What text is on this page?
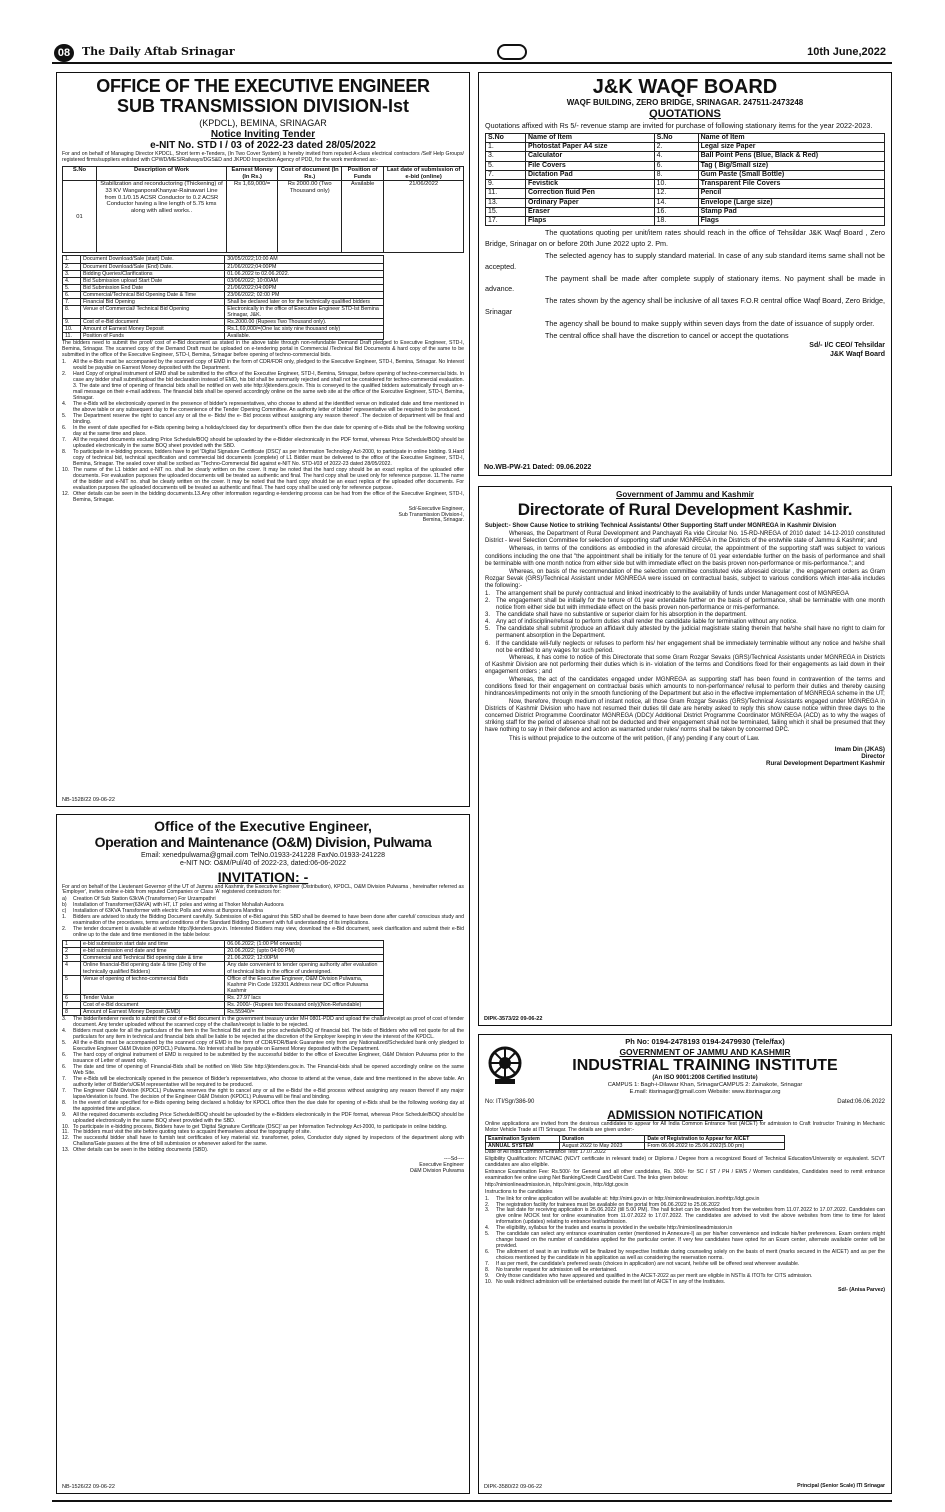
08	The Daily Aftab Srinagar	10th June,2022
OFFICE OF THE EXECUTIVE ENGINEER
SUB TRANSMISSION DIVISION-Ist
(KPDCL), BEMINA, SRINAGAR
Notice Inviting Tender
e-NIT No. STD I / 03 of 2022-23 dated 28/05/2022

For and on behalf of Managing Director KPDCL, Short term e-Tenders, (In Two Cover System) is hereby invited from reputed A-class electrical contractors /Self Help Groups/ registered firms/suppliers enlisted with CPWD/MES/Railways/DGS&D and JKPDD Inspection Agency of PDD, for the work mentioned as:-

S.No	Description of Work	Earnest Money (In Rs.)	Cost of document (In Rs.)	Position of Funds	Last date of submission of e-bid (online)
01	Stabilization and reconductoring (Thickening) of 33 KV WanganporaKhanyar-Rainawari Line from 0.1/0.15 ACSR Conductor to 0.2 ACSR Conductor having a line length of 5.75 kms along with allied works..	Rs 1,69,000/=	Rs 2000.00 (Two Thousand only)	Available	21/06/2022
1.	Document Download/Sale (start) Date.	30/05/2022;10:00 AM
2.	Document Download/Sale (End) Date.	21/06/2022;04:00PM
3.	Bidding Queries/Clarifications	01.06.2022 to 02.06.2022.
4.	Bid Submission upload Start Date	03/06/2022; 10:00AM
5.	Bid Submission End Date	21/06/2022;04:00PM
6.	Commercial/Technical Bid Opening Date & Time	23/06/2022; 02:00 PM
7.	Financial Bid Opening	Shall be declared later on for the technically qualified bidders
8.	Venue of Commercial/ Technical Bid Opening	Electronically in the office of Executive Engineer STD-Ist Bemina Srinagar, J&K.
9.	Cost of e-Bid document	Rs.2000.00 (Rupees Two Thousand only).
10.	Amount of Earnest Money Deposit	Rs.1,69,000/=(One lac sixty nine thousand only)
11.	Position of Funds	Available.

The bidders need to submit the proof/ cost of e-Bid document as stated in the above table through non-refundable Demand Draft pledged to Executive Engineer, STD-I, Bemina, Srinagar. The scanned copy of the Demand Draft must be uploaded on e-tendering portal in Commercial /Technical Bid Documents & hard copy of the same to be submitted in the office of the Executive Engineer, STD-I, Bemina, Srinagar before opening of techno-commercial bids.

1.	All the e-Bids must be accompanied by the scanned copy of EMD in the form of CDR/FDR only, pledged to the Executive Engineer, STD-I, Bemina, Srinagar. No Interest would be payable on Earnest Money deposited with the Department.
2.	Hard Copy of original instrument of EMD shall be submitted to the office of the Executive Engineer, STD-I, Bemina, Srinagar, before opening of techno-commercial bids. In case any bidder shall submit/upload the bid declaration instead of EMD, his bid shall be summarily rejected and shall not be considered for techno-commercial evaluation. 3. The date and time of opening of financial bids shall be notified on web site http://jktenders.gov.in. This is conveyed to the qualified bidders automatically through an e-mail message on their e-mail address. The financial bids shall be opened accordingly online on the same web site at the office of the Executive Engineer, STD-I, Bemina, Srinagar.
4.	The e-Bids will be electronically opened in the presence of bidder's representatives, who choose to attend at the identified venue on indicated date and time mentioned in the above table or any subsequent day to the convenience of the Tender Opening Committee. An authority letter of bidder' representative will be required to be produced.
5.	The Department reserve the right to cancel any or all the e- Bids/ the e- Bid process without assigning any reason thereof .The decision of department will be final and binding.
6.	In the event of date specified for e-Bids opening being a holiday/closed day for department's office then the due date for opening of e-Bids shall be the following working day at the same time and place.
7.	All the required documents excluding Price Schedule/BOQ should be uploaded by the e-Bidder electronically in the PDF format, whereas Price Schedule/BOQ should be uploaded electronically in the same BOQ sheet provided with the SBD.
8.	To participate in e-bidding process, bidders have to get 'Digital Signature Certificate (DSC)' as per Information Technology Act-2000, to participate in online bidding. 9.Hard copy of technical bid, technical specification and commercial bid documents (complete) of L1 Bidder must be delivered to the office of the Executive Engineer, STD-I, Bemina, Srinagar. The sealed cover shall be scribed as "Techno-Commercial Bid against e-NIT No. STD-I/03 of 2022-23 dated 28/05/2022.
10. The name of the L1 bidder and e-NIT no. shall be clearly written on the cover. It may be noted that the hard copy should be an exact replica of the uploaded offer documents. For evaluation purposes the uploaded documents will be treated as authentic and final. The hard copy shall be used only for reference purpose. 11.The name of the bidder and e-NIT no. shall be clearly written on the cover. It may be noted that the hard copy should be an exact replica of the uploaded offer documents. For evaluation purposes the uploaded documents will be treated as authentic and final. The hard copy shall be used only for reference purpose.
12. Other details can be seen in the bidding documents.13.Any other information regarding e-tendering process can be had from the office of the Executive Engineer, STD-I, Bemina, Srinagar.
Sd/-Executive Engineer,
Sub Transmission Division-I,
Bemina, Srinagar.
NB-1528/22 09-06-22
J&K WAQF BOARD
WAQF BUILDING, ZERO BRIDGE, SRINAGAR. 247511-2473248
QUOTATIONS

Quotations affixed with Rs 5/- revenue stamp are invited for purchase of following stationary items for the year 2022-2023.

S.No	Name of Item	S.No	Name of Item
1.	Photostat Paper A4 size	2.	Legal size Paper
3.	Calculator	4.	Ball Point Pens (Blue, Black & Red)
5.	File Covers	6.	Tag ( Big/Small size)
7.	Dictation Pad	8.	Gum Paste (Small Bottle)
9.	Fevistick	10.	Transparent File Covers
11.	Correction fluid Pen	12.	Pencil
13.	Ordinary Paper	14.	Envelope (Large size)
15.	Eraser	16.	Stamp Pad
17.	Flaps	18.	Flags

The quotations quoting per unit/item rates should reach in the office of Tehsildar J&K Waqf Board , Zero Bridge, Srinagar on or before 20th June 2022 upto 2. Pm.

The selected agency has to supply standard material. In case of any sub standard items same shall not be accepted.

The payment shall be made after complete supply of stationary items. No payment shall be made in advance.

The rates shown by the agency shall be inclusive of all taxes F.O.R central office Waqf Board, Zero Bridge, Srinagar

The agency shall be bound to make supply within seven days from the date of issuance of supply order.

The central office shall have the discretion to cancel or accept the quotations

Sd/- I/C CEO/ Tehsildar
J&K Waqf Board
No.WB-PW-21 Dated: 09.06.2022
Government of Jammu and Kashmir
Directorate of Rural Development Kashmir.

Subject:- Show Cause Notice to striking Technical Assistants/ Other Supporting Staff under MGNREGA in Kashmir Division

Whereas, the Department of Rural Development and Panchayati Ra vide Circular No. 15-RD-NREGA of 2010 dated: 14-12-2010 constituted District - level Selection Committee for selection of supporting staff under MGNREGA in the Districts of the erstwhile state of Jammu & Kashmir; and

Whereas, in terms of the conditions as embodied in the aforesaid circular, the appointment of the supporting staff was subject to various conditions including the one that "the appointment shall be initially for the tenure of 01 year extendable further on the basis of performance and shall be terminable with one month notice from either side but with immediate effect on the basis proven non-performance or mis-performance."; and

Whereas, on basis of the recommendation of the selection committee constituted vide aforesaid circular , the engagement orders as Gram Rozgar Sevak (GRS)/Technical Assistant under MGNREGA were issued on contractual basis, subject to various conditions which inter-alia includes the following:-

1. The arrangement shall be purely contractual and linked inextricably to the availability of funds under Management cost of MGNREGA
2. The engagement shall be initially for the tenure of 01 year extendable further on the basis of performance, shall be terminable with one month notice from either side but with immediate effect on the basis proven non-performance or mis-performance.
3. The candidate shall have no substantive or superior claim for his absorption in the department.
4. Any act of indiscipline/refusal to perform duties shall render the candidate liable for termination without any notice.
5. The candidate shall submit /produce an affidavit duly attested by the judicial magistrate stating therein that he/she shall have no right to claim for permanent absorption in the Department.
6. If the candidate will-fully neglects or refuses to perform his/ her engagement shall be immediately terminable without any notice and he/she shall not be entitled to any wages for such period.

Whereas, it has come to notice of this Directorate that some Gram Rozgar Sevaks (GRS)/Technical Assistants under MGNREGA in Districts of Kashmir Division are not performing their duties which is in- violation of the terms and Conditions fixed for their engagements as laid down in their engagement orders ; and

Whereas, the act of the candidates engaged under MGNREGA as supporting staff has been found in contravention of the terms and conditions fixed for their engagement on contractual basis which amounts to non-performance/ refusal to perform their duties and thereby causing hindrances/impediments not only in the smooth functioning of the Department but also in the effective implementation of MGNREGA scheme in the UT;

Now, therefore, through medium of instant notice, all those Gram Rozgar Sevaks (GRS)/Technical Assistants engaged under MGNREGA in Districts of Kashmir Division who have not resumed their duties till date are hereby asked to reply this show cause notice within three days to the concerned District Programme Coordinator MGNREGA (DDC)/ Additional District Programme Coordinator MGNREGA (ACD) as to why the wages of striking staff for the period of absence shall not be deducted and their engagement shall not be terminated, failing which it shall be presumed that they have nothing to say in their defence and action as warranted under rules/ norms shall be taken by concerned DPC.

This is without prejudice to the outcome of the writ petition, (if any) pending if any court of Law.

Imam Din (JKAS)
Director
Rural Development Department Kashmir
DIPK-3573/22 09-06-22
Office of the Executive Engineer,
Operation and Maintenance (O&M) Division, Pulwama
Email: xenedpulwama@gmail.com TelNo.01933-241228 FaxNo.01933-241228
e-NIT NO: O&M/Pul/40 of 2022-23, dated:06-06-2022
INVITATION: -

For and on behalf of the Lieutenant Governor of the UT of Jammu and Kashmir, the Executive Engineer (Distribution), KPDCL, O&M Division Pulwama , hereinafter referred as 'Employer', invites online e-bids from reputed Companies or Class 'A' registered contractors for:

a)	Creation Of Sub Station 63kVA (Transformer) For Urzampathri
b)	Installation of Transformer(63kVA) with HT, LT poles and wiring at Thoker Mohallah Audoora
c)	Installation of 63KVA Transformer with electric Polls and wires at Bunpora Mandina
1.	Bidders are advised to study the Bidding Document carefully. Submission of e-Bid against this SBD shall be deemed to have been done after careful/ conscious study and examination of the procedures, terms and conditions of the Standard Bidding Document with full understanding of its implications.
2.	The tender document is available at website http://jktenders.gov.in. Interested Bidders may view, download the e-Bid document, seek clarification and submit their e-Bid online up to the date and time mentioned in the table below:
1	e-bid submission start date and time	06.06.2022; (1:00 PM onwards)
2	e-bid submission end date and time	20.06.2022; (upto 04:00 PM)
3	Commercial and Technical Bid opening date & time	21.06.2022; 12:00PM
4	Online financial-Bid opening date & time (Only of the technically qualified Bidders)	Any date convenient to tender opening authority after evaluation of technical bids in the office of undersigned.
5	Venue of opening of techno-commercial Bids	Office of the Executive Engineer, O&M Division Pulwama, Kashmir Pin Code 192301 Address near DC office Pulwama Kashmir
6	Tender Value	Rs. 27.97 lacs
7	Cost of e-Bid document	Rs. 2000/- (Rupees two thousand only)(Non-Refundable)
8	Amount of Earnest Money Deposit (EMD)	Rs.55940/=
3.	The bidder/tenderer needs to submit the cost of e-Bid document in the government treasury under MH 0801-PDD and upload the challan/receipt as proof of cost of tender document. Any tender uploaded without the scanned copy of the challan/receipt is liable to be rejected.
4.	Bidders must quote for all the particulars of the item in the Technical Bid and in the price schedule/BOQ of financial bid. The bids of Bidders who will not quote for all the particulars for any item in technical and financial bids shall be liable to be rejected at the discretion of the Employer keeping in view the interest of the KPDCL.
5.	All the e-Bids must be accompanied by the scanned copy of EMD in the form of CDR/FDR/Bank Guarantee only from any Nationalized/Scheduled bank only pledged to Executive Engineer O&M Division (KPDCL) Pulwama. No Interest shall be payable on Earnest Money deposited with the Department.
6.	The hard copy of original instrument of EMD is required to be submitted by the successful bidder to the office of Executive Engineer, O&M Division Pulwama prior to the issuance of Letter of award only.
6.	The date and time of opening of Financial-Bids shall be notified on Web Site http://jktenders.gov.in. The Financial-bids shall be opened accordingly online on the same Web Site.
7.	The e-Bids will be electronically opened in the presence of Bidder's representatives, who choose to attend at the venue, date and time mentioned in the above table. An authority letter of Bidder's/OEM representative will be required to be produced.
7.	The Engineer O&M Division (KPDCL) Pulwama reserves the right to cancel any or all the e-Bids/ the e-Bid process without assigning any reason thereof if any major lapse/deviation is found. The decision of the Engineer O&M Division (KPDCL) Pulwama will be final and binding.
8.	In the event of date specified for e-Bids opening being declared a holiday for KPDCL office then the due date for opening of e-Bids shall be the following working day at the appointed time and place.
9.	All the required documents excluding Price Schedule/BOQ should be uploaded by the e-Bidders electronically in the PDF format, whereas Price Schedule/BOQ should be uploaded electronically in the same BOQ sheet provided with the SBD.
10. To participate in e-bidding process, Bidders have to get 'Digital Signature Certificate (DSC)' as per Information Technology Act-2000, to participate in online bidding.
11. The bidders must visit the site before quoting rates to acquaint themselves about the topography of site.
12. The successful bidder shall have to furnish test certificates of key material viz. transformer, poles, Conductor duly signed by inspectors of the department along with Challans/Gate passes at the time of bill submission or whenever asked for the same.
13. Other details can be seen in the bidding documents (SBD).
----Sd----
Executive Engineer
O&M Division Pulwama
NB-1526/22 09-06-22
Ph No: 0194-2478193 0194-2479930 (Tele/fax)
GOVERNMENT OF JAMMU AND KASHMIR
INDUSTRIAL TRAINING INSTITUTE
(An ISO 9001:2008 Certified Institute)
CAMPUS 1: Bagh-i-Dilawar Khan, SrinagarCAMPUS 2: Zainakote, Srinagar
E.mail: itisrinagar@gmail.com Website: www.itisrinagar.org
No: ITI/Sgr/386-90	Dated:06.06.2022
ADMISSION NOTIFICATION

Online applications are invited from the desirous candidates to appear for All India Common Entrance Test (AICET) for admission to Craft Instructor Training in Mechanic Motor Vehicle Trade at ITI Srinagar. The details are given under:-

Examination System	Duration	Date of Registration to Appear for AICET
ANNUAL SYSTEM	August 2022 to May 2023	From 06.06.2022 to 25.06.2022(5.00 pm)

Date of All India Common Entrance Test: 17.07.2022

Eligibility Qualification: NTC/NAC (NCVT certificate in relevant trade) or Diploma / Degree from a recognized Board of Technical Education/University or equivalent. SCVT candidates are also eligible.

Entrance Examination Fee: Rs.500/- for General and all other candidates, Rs. 300/- for SC / ST / PH / EWS / Women candidates, Candidates need to remit entrance examination fee online using Net Banking/Credit Card/Debit Card. The links given below:

http://nimionlineadmission.in, http://nimi.gov.in, http://dgt.gov.in

Instructions to the candidates

1.	The link for online application will be available at: http://nimi.gov.in or http://nimionlineadmission.inorhttp://dgt.gov.in
2.	The registration facility for trainees must be available on the portal from 06.06.2022 to 25.06.2022
3.	The last date for receiving application is 25.06.2022 (till 5.00 PM). The hall ticket can be downloaded from the websites from 11.07.2022 to 17.07.2022. Candidates can give online MOCK test for online examination from 11.07.2022 to 17.07.2022. The candidates are advised to visit the above websites from time to time for latest information (updates) relating to entrance test/admission.
4.	The eligibility, syllabus for the trades and exams is provided in the website http://nimionlineadmission.in
5.	The candidate can select any entrance examination center (mentioned in Annexure-I) as per his/her convenience and indicate his/her preferences. Exam centers might change based on the number of candidates applied for the particular center. If very few candidates have opted for an Exam center, alternate available center will be provided.
6.	The allotment of seat in an institute will be finalized by respective Institute during counseling solely on the basis of merit (marks secured in the AICET) and as per the choices mentioned by the candidate in his application as well as considering the reservation norms.
7.	If as per merit, the candidate's preferred seats (choices in application) are not vacant, he/she will be offered seat wherever available.
8.	No transfer request for admission will be entertained.
9.	Only those candidates who have appeared and qualified in the AICET-2022 as per merit are eligible in NSTIs & ITOTs for CITS admission.
10. No walk in/direct admission will be entertained outside the merit list of AICET in any of the Institutes.
Sd/- (Anisa Parvez)
DIPK-3580/22 09-06-22	Principal (Senior Scale) ITI Srinagar
